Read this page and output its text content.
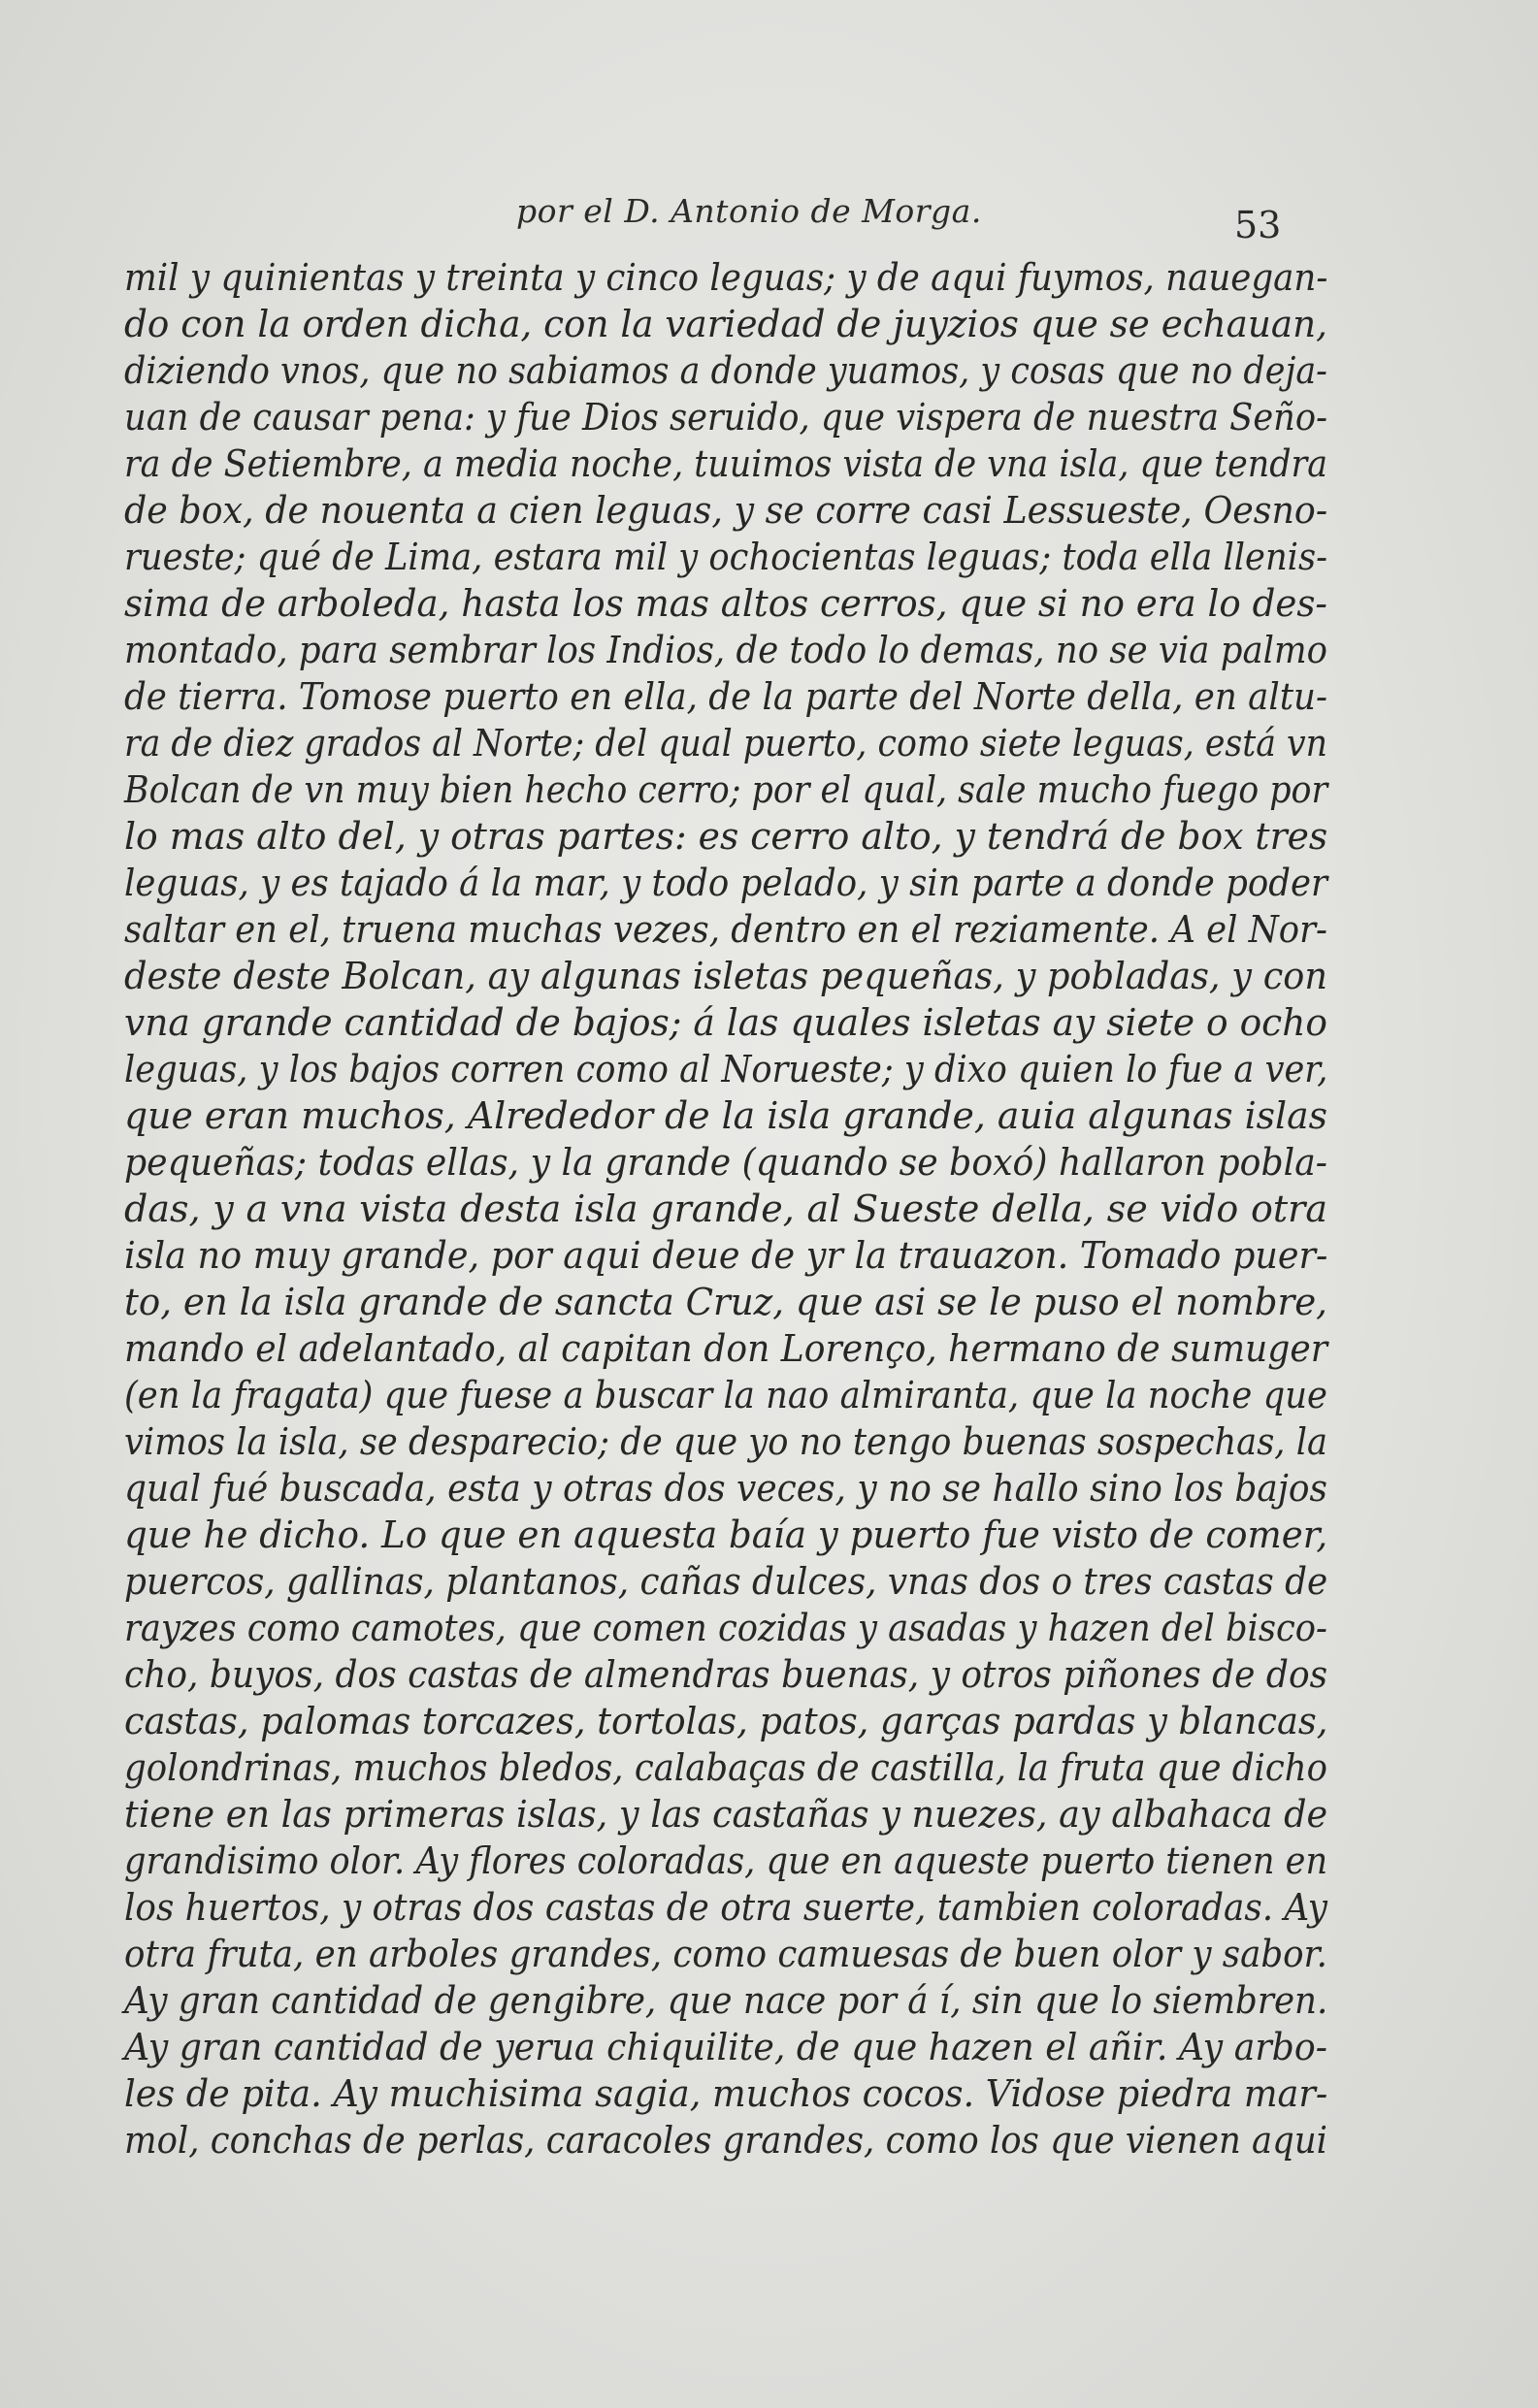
por el D. Antonio de Morga.	53
mil y quinientas y treinta y cinco leguas; y de aqui fuymos, nauegan-
do con la orden dicha, con la variedad de juyzios que se echauan,
diziendo vnos, que no sabiamos a donde yuamos, y cosas que no deja-
uan de causar pena: y fue Dios seruido, que vispera de nuestra Seño-
ra de Setiembre, a media noche, tuuimos vista de vna isla, que tendra
de box, de nouenta a cien leguas, y se corre casi Lessueste, Oesno-
rueste; qué de Lima, estara mil y ochocientas leguas; toda ella llenis-
sima de arboleda, hasta los mas altos cerros, que si no era lo des-
montado, para sembrar los Indios, de todo lo demas, no se via palmo
de tierra. Tomose puerto en ella, de la parte del Norte della, en altu-
ra de diez grados al Norte; del qual puerto, como siete leguas, está vn
Bolcan de vn muy bien hecho cerro; por el qual, sale mucho fuego por
lo mas alto del, y otras partes: es cerro alto, y tendrá de box tres
leguas, y es tajado á la mar, y todo pelado, y sin parte a donde poder
saltar en el, truena muchas vezes, dentro en el reziamente. A el Nor-
deste deste Bolcan, ay algunas isletas pequeñas, y pobladas, y con
vna grande cantidad de bajos; á las quales isletas ay siete o ocho
leguas, y los bajos corren como al Norueste; y dixo quien lo fue a ver,
que eran muchos, Alrededor de la isla grande, auia algunas islas
pequeñas; todas ellas, y la grande (quando se boxó) hallaron pobla-
das, y a vna vista desta isla grande, al Sueste della, se vido otra
isla no muy grande, por aqui deue de yr la trauazon. Tomado puer-
to, en la isla grande de sancta Cruz, que asi se le puso el nombre,
mando el adelantado, al capitan don Lorenço, hermano de sumuger
(en la fragata) que fuese a buscar la nao almiranta, que la noche que
vimos la isla, se desparecio; de que yo no tengo buenas sospechas, la
qual fué buscada, esta y otras dos veces, y no se hallo sino los bajos
que he dicho. Lo que en aquesta baía y puerto fue visto de comer,
puercos, gallinas, plantanos, cañas dulces, vnas dos o tres castas de
rayzes como camotes, que comen cozidas y asadas y hazen del bisco-
cho, buyos, dos castas de almendras buenas, y otros piñones de dos
castas, palomas torcazes, tortolas, patos, garças pardas y blancas,
golondrinas, muchos bledos, calabaças de castilla, la fruta que dicho
tiene en las primeras islas, y las castañas y nuezes, ay albahaca de
grandisimo olor. Ay flores coloradas, que en aqueste puerto tienen en
los huertos, y otras dos castas de otra suerte, tambien coloradas. Ay
otra fruta, en arboles grandes, como camuesas de buen olor y sabor.
Ay gran cantidad de gengibre, que nace por á í, sin que lo siembren.
Ay gran cantidad de yerua chiquilite, de que hazen el añir. Ay arbo-
les de pita. Ay muchisima sagia, muchos cocos. Vidose piedra mar-
mol, conchas de perlas, caracoles grandes, como los que vienen aqui
